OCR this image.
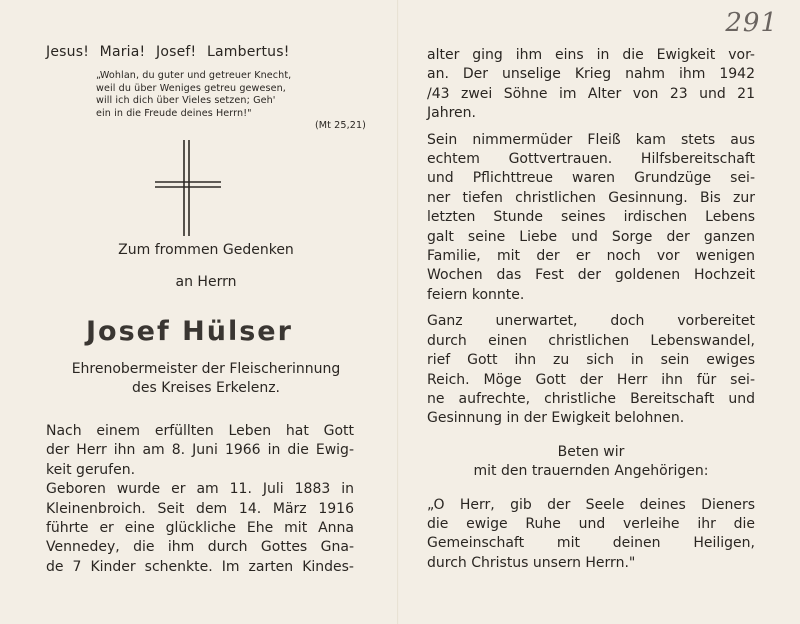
291
Jesus! Maria! Josef! Lambertus!
„Wohlan, du guter und getreuer Knecht,
weil du über Weniges getreu gewesen,
will ich dich über Vieles setzen; Geh'
ein in die Freude deines Herrn!"
(Mt 25,21)
Zum frommen Gedenken
an Herrn
Josef Hülser
Ehrenobermeister der Fleischerinnung
des Kreises Erkelenz.
Nach einem erfüllten Leben hat Gott
der Herr ihn am 8. Juni 1966 in die Ewig-
keit gerufen.
Geboren wurde er am 11. Juli 1883 in
Kleinenbroich. Seit dem 14. März 1916
führte er eine glückliche Ehe mit Anna
Vennedey, die ihm durch Gottes Gna-
de 7 Kinder schenkte. Im zarten Kindes-
alter ging ihm eins in die Ewigkeit vor-
an. Der unselige Krieg nahm ihm 1942
/43 zwei Söhne im Alter von 23 und 21
Jahren.
Sein nimmermüder Fleiß kam stets aus
echtem Gottvertrauen. Hilfsbereitschaft
und Pflichttreue waren Grundzüge sei-
ner tiefen christlichen Gesinnung. Bis zur
letzten Stunde seines irdischen Lebens
galt seine Liebe und Sorge der ganzen
Familie, mit der er noch vor wenigen
Wochen das Fest der goldenen Hochzeit
feiern konnte.
Ganz unerwartet, doch vorbereitet
durch einen christlichen Lebenswandel,
rief Gott ihn zu sich in sein ewiges
Reich. Möge Gott der Herr ihn für sei-
ne aufrechte, christliche Bereitschaft und
Gesinnung in der Ewigkeit belohnen.
Beten wir
mit den trauernden Angehörigen:
„O Herr, gib der Seele deines Dieners
die ewige Ruhe und verleihe ihr die
Gemeinschaft mit deinen Heiligen,
durch Christus unsern Herrn."
